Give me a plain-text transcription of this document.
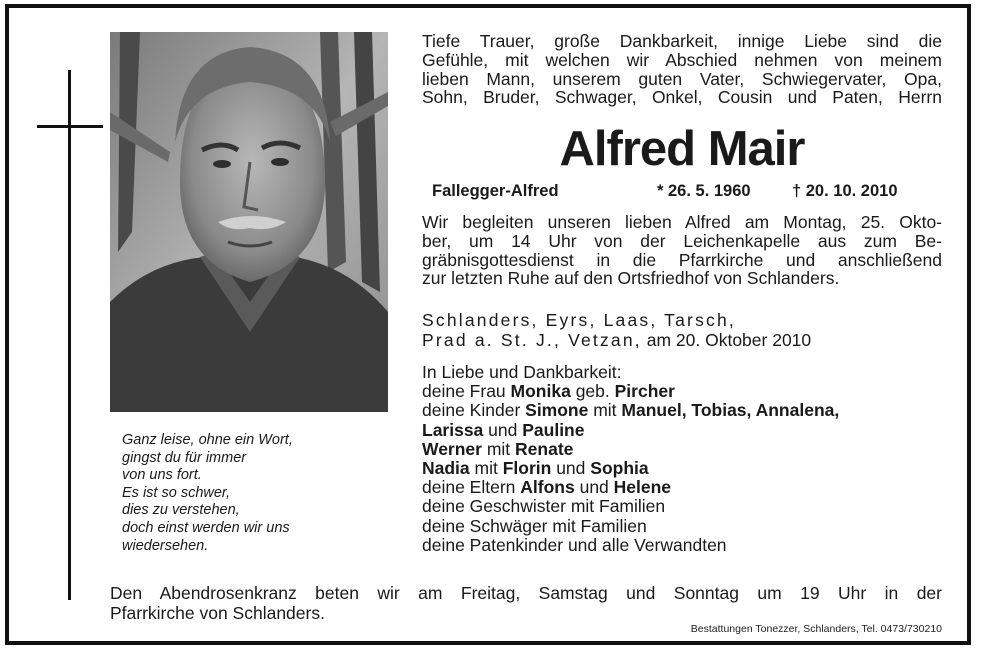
Ganz leise, ohne ein Wort,
gingst du für immer
von uns fort.
Es ist so schwer,
dies zu verstehen,
doch einst werden wir uns
wiedersehen.
Tiefe Trauer, große Dankbarkeit, innige Liebe sind die
Gefühle, mit welchen wir Abschied nehmen von meinem
lieben Mann, unserem guten Vater, Schwiegervater, Opa,
Sohn, Bruder, Schwager, Onkel, Cousin und Paten, Herrn
Alfred Mair
Fallegger-Alfred	* 26. 5. 1960	† 20. 10. 2010
Wir begleiten unseren lieben Alfred am Montag, 25. Okto-
ber, um 14 Uhr von der Leichenkapelle aus zum Be-
gräbnisgottesdienst in die Pfarrkirche und anschließend
zur letzten Ruhe auf den Ortsfriedhof von Schlanders.
Schlanders, Eyrs, Laas, Tarsch,
Prad a. St. J., Vetzan, am 20. Oktober 2010
In Liebe und Dankbarkeit:
deine Frau Monika geb. Pircher
deine Kinder Simone mit Manuel, Tobias, Annalena,
Larissa und Pauline
Werner mit Renate
Nadia mit Florin und Sophia
deine Eltern Alfons und Helene
deine Geschwister mit Familien
deine Schwäger mit Familien
deine Patenkinder und alle Verwandten
Den Abendrosenkranz beten wir am Freitag, Samstag und Sonntag um 19 Uhr in der
Pfarrkirche von Schlanders.
Bestattungen Tonezzer, Schlanders, Tel. 0473/730210
